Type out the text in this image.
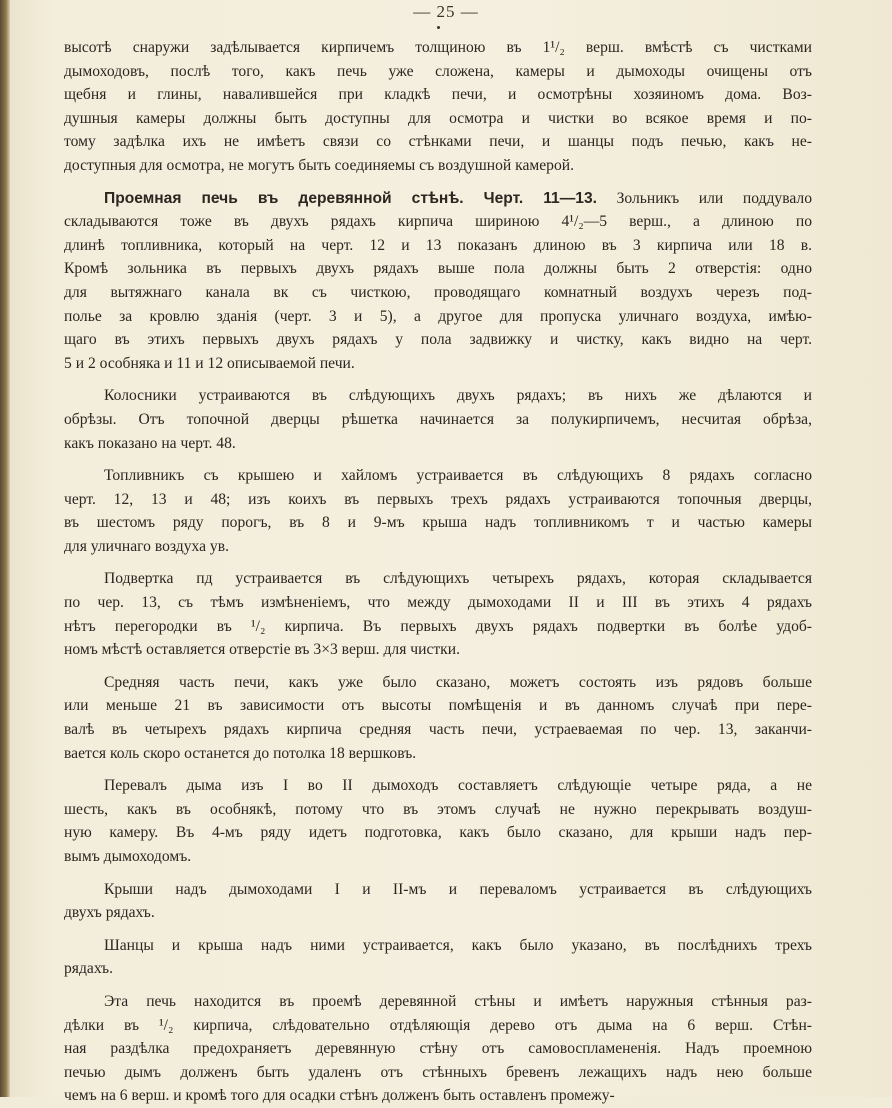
— 25 —
высотѣ снаружи задѣлывается кирпичемъ толщиною въ 1¹/₂ верш. вмѣстѣ съ чистками
дымоходовъ, послѣ того, какъ печь уже сложена, камеры и дымоходы очищены отъ
щебня и глины, навалившейся при кладкѣ печи, и осмотрѣны хозяиномъ дома. Воз-
душныя камеры должны быть доступны для осмотра и чистки во всякое время и по-
тому задѣлка ихъ не имѣетъ связи со стѣнками печи, и шанцы подъ печью, какъ не-
доступныя для осмотра, не могутъ быть соединяемы съ воздушной камерой.
Проемная печь въ деревянной стѣнѣ. Черт. 11—13. Зольникъ или поддувало
складываются тоже въ двухъ рядахъ кирпича шириною 4¹/₂—5 верш., а длиною по
длинѣ топливника, который на черт. 12 и 13 показанъ длиною въ 3 кирпича или 18 в.
Кромѣ зольника въ первыхъ двухъ рядахъ выше пола должны быть 2 отверстія: одно
для вытяжнаго канала вк съ чисткою, проводящаго комнатный воздухъ черезъ под-
полье за кровлю зданія (черт. 3 и 5), а другое для пропуска уличнаго воздуха, имѣю-
щаго въ этихъ первыхъ двухъ рядахъ у пола задвижку и чистку, какъ видно на черт.
5 и 2 особняка и 11 и 12 описываемой печи.
Колосники устраиваются въ слѣдующихъ двухъ рядахъ; въ нихъ же дѣлаются и
обрѣзы. Отъ топочной дверцы рѣшетка начинается за полукирпичемъ, несчитая обрѣза,
какъ показано на черт. 48.
Топливникъ съ крышею и хайломъ устраивается въ слѣдующихъ 8 рядахъ согласно
черт. 12, 13 и 48; изъ коихъ въ первыхъ трехъ рядахъ устраиваются топочныя дверцы,
въ шестомъ ряду порогъ, въ 8 и 9-мъ крыша надъ топливникомъ т и частью камеры
для уличнаго воздуха ув.
Подвертка пд устраивается въ слѣдующихъ четырехъ рядахъ, которая складывается
по чер. 13, съ тѣмъ измѣненіемъ, что между дымоходами II и III въ этихъ 4 рядахъ
нѣтъ перегородки въ ¹/₂ кирпича. Въ первыхъ двухъ рядахъ подвертки въ болѣе удоб-
номъ мѣстѣ оставляется отверстіе въ 3×3 верш. для чистки.
Средняя часть печи, какъ уже было сказано, можетъ состоять изъ рядовъ больше
или меньше 21 въ зависимости отъ высоты помѣщенія и въ данномъ случаѣ при пере-
валѣ въ четырехъ рядахъ кирпича средняя часть печи, устраеваемая по чер. 13, заканчи-
вается коль скоро останется до потолка 18 вершковъ.
Перевалъ дыма изъ I во II дымоходъ составляетъ слѣдующіе четыре ряда, а не
шесть, какъ въ особнякѣ, потому что въ этомъ случаѣ не нужно перекрывать воздуш-
ную камеру. Въ 4-мъ ряду идетъ подготовка, какъ было сказано, для крыши надъ пер-
вымъ дымоходомъ.
Крыши надъ дымоходами I и II-мъ и переваломъ устраивается въ слѣдующихъ
двухъ рядахъ.
Шанцы и крыша надъ ними устраивается, какъ было указано, въ послѣднихъ трехъ
рядахъ.
Эта печь находится въ проемѣ деревянной стѣны и имѣетъ наружныя стѣнныя раз-
дѣлки въ ¹/₂ кирпича, слѣдовательно отдѣляющія дерево отъ дыма на 6 верш. Стѣн-
ная раздѣлка предохраняетъ деревянную стѣну отъ самовоспламененія. Надъ проемною
печью дымъ долженъ быть удаленъ отъ стѣнныхъ бревенъ лежащихъ надъ нею больше
чемъ на 6 верш. и кромѣ того для осадки стѣнъ долженъ быть оставленъ промежу-
